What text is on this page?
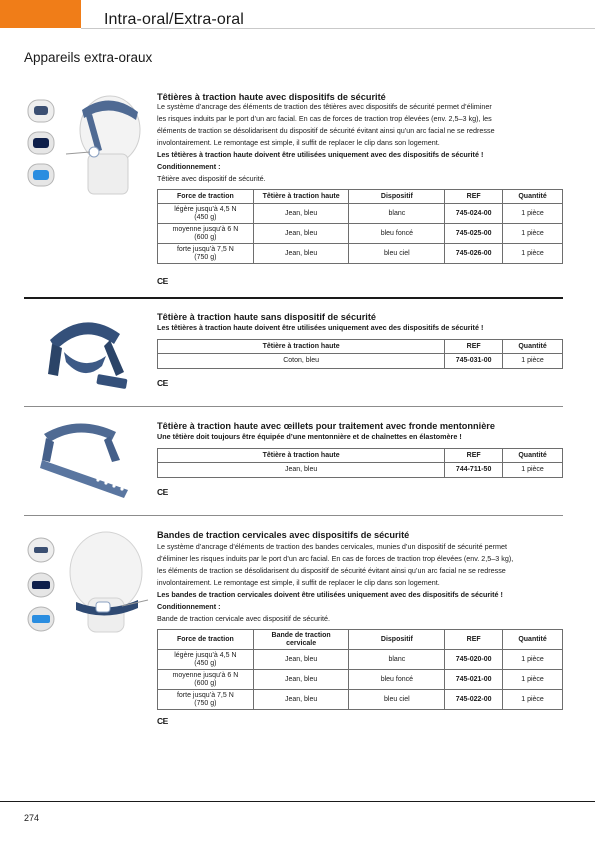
Intra-oral/Extra-oral
Appareils extra-oraux
Têtières à traction haute avec dispositifs de sécurité

Le système d’ancrage des éléments de traction des têtières avec dispositifs de sécurité permet d’éliminer

les risques induits par le port d’un arc facial. En cas de forces de traction trop élevées (env. 2,5–3 kg), les

éléments de traction se désolidarisent du dispositif de sécurité évitant ainsi qu’un arc facial ne se redresse

involontairement. Le remontage est simple, il suffit de replacer le clip dans son logement.

Les têtières à traction haute doivent être utilisées uniquement avec des dispositifs de sécurité !

Conditionnement :

Têtière avec dispositif de sécurité.

Force de traction	Têtière à traction haute	Dispositif	REF	Quantité
légère jusqu’à 4,5 N
(450 g)	Jean, bleu	blanc	745-024-00	1 pièce
moyenne jusqu’à 6 N
(600 g)	Jean, bleu	bleu foncé	745-025-00	1 pièce
forte jusqu’à 7,5 N
(750 g)	Jean, bleu	bleu ciel	745-026-00	1 pièce
CE
Têtière à traction haute sans dispositif de sécurité

Les têtières à traction haute doivent être utilisées uniquement avec des dispositifs de sécurité !

Têtière à traction haute	REF	Quantité
Coton, bleu	745-031-00	1 pièce
CE
Têtière à traction haute avec œillets pour traitement avec fronde mentonnière

Une têtière doit toujours être équipée d’une mentonnière et de chaînettes en élastomère !

Têtière à traction haute	REF	Quantité
Jean, bleu	744-711-50	1 pièce
CE
Bandes de traction cervicales avec dispositifs de sécurité

Le système d’ancrage d’éléments de traction des bandes cervicales, munies d’un dispositif de sécurité permet

d’éliminer les risques induits par le port d’un arc facial. En cas de forces de traction trop élevées (env. 2,5–3 kg),

les éléments de traction se désolidarisent du dispositif de sécurité évitant ainsi qu’un arc facial ne se redresse

involontairement. Le remontage est simple, il suffit de replacer le clip dans son logement.

Les bandes de traction cervicales doivent être utilisées uniquement avec des dispositifs de sécurité !

Conditionnement :

Bande de traction cervicale avec dispositif de sécurité.

Force de traction	Bande de traction cervicale	Dispositif	REF	Quantité
légère jusqu’à 4,5 N
(450 g)	Jean, bleu	blanc	745-020-00	1 pièce
moyenne jusqu’à 6 N
(600 g)	Jean, bleu	bleu foncé	745-021-00	1 pièce
forte jusqu’à 7,5 N
(750 g)	Jean, bleu	bleu ciel	745-022-00	1 pièce
CE
274
